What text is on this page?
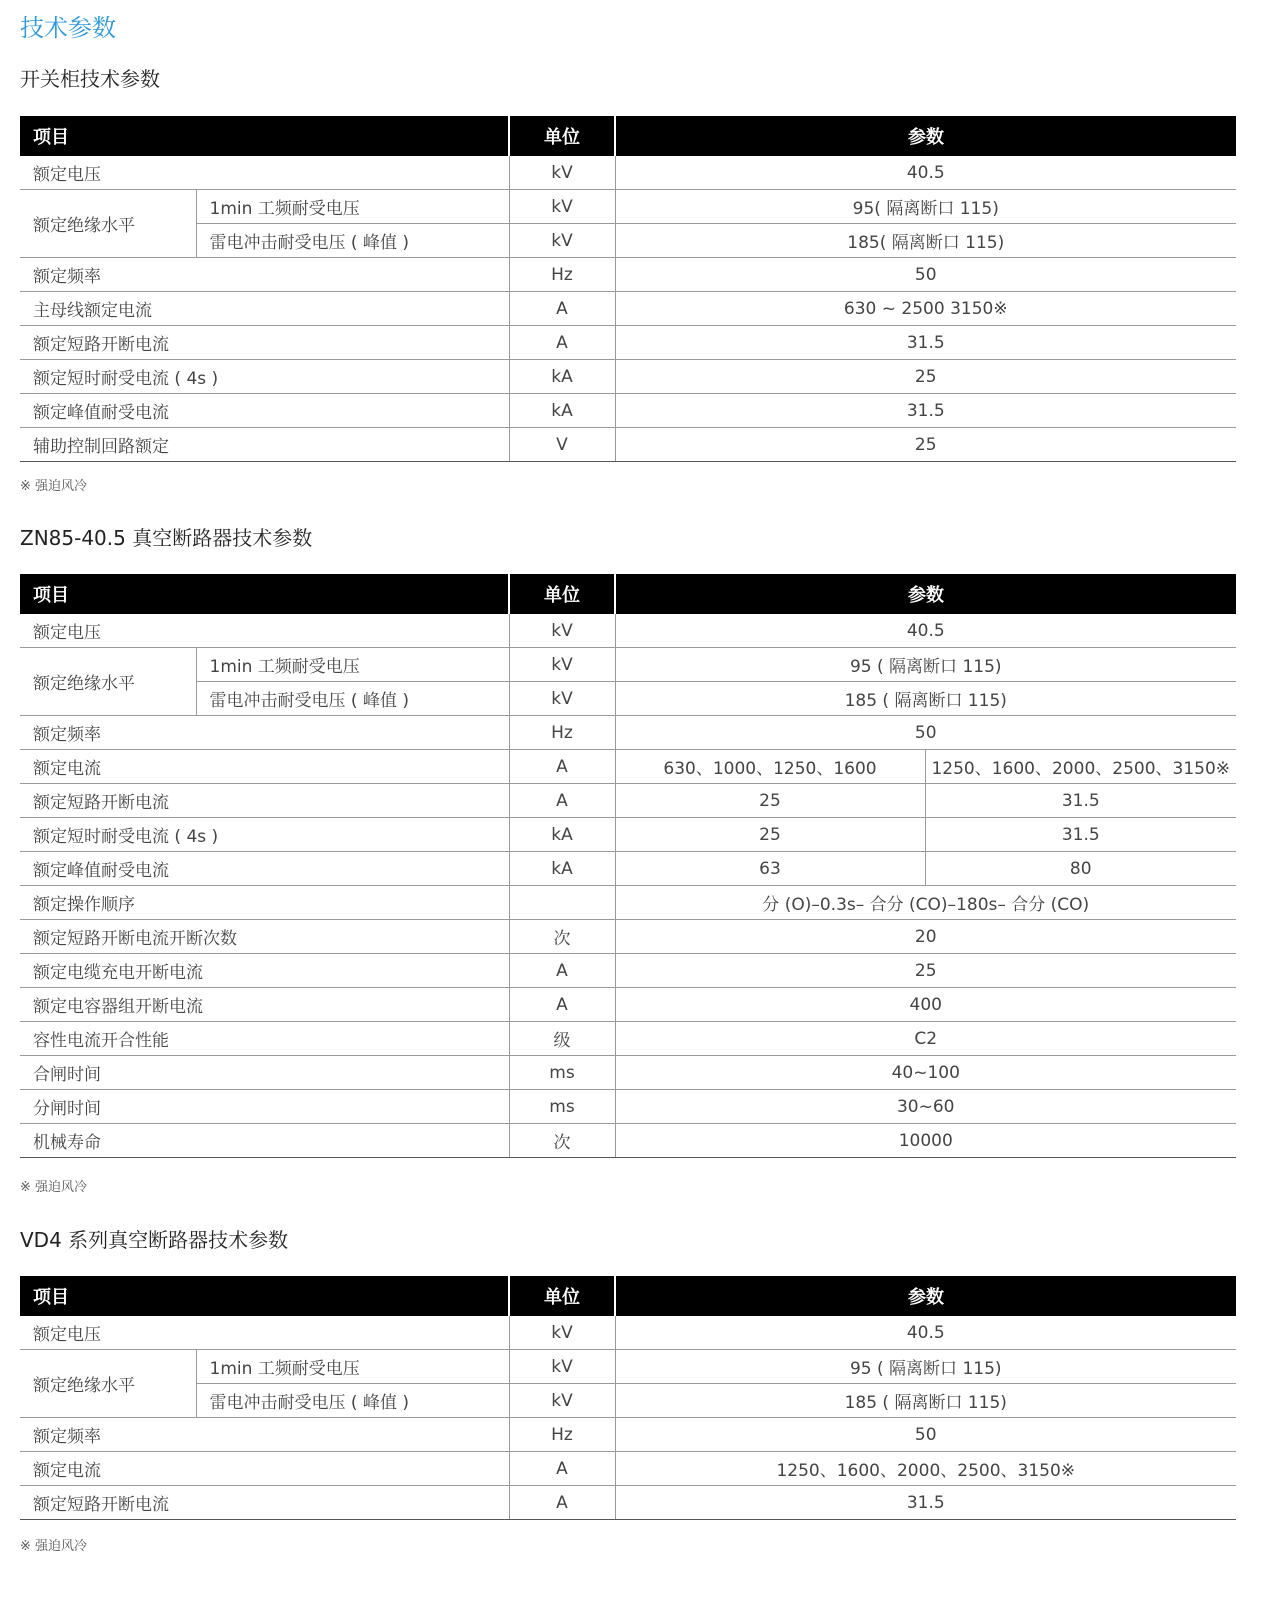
技术参数
开关柜技术参数
项目		单位	参数
额定电压		kV	40.5
额定绝缘水平	1min 工频耐受电压	kV	95( 隔离断口 115)
	雷电冲击耐受电压 ( 峰值 )	kV	185( 隔离断口 115)
额定频率		Hz	50
主母线额定电流		A	630 ~ 2500 3150※
额定短路开断电流		A	31.5
额定短时耐受电流 ( 4s )		kA	25
额定峰值耐受电流		kA	31.5
辅助控制回路额定		V	25
※ 强迫风冷
ZN85-40.5 真空断路器技术参数
项目		单位	参数	
额定电压		kV	40.5	
额定绝缘水平	1min 工频耐受电压	kV	95 ( 隔离断口 115)	
	雷电冲击耐受电压 ( 峰值 )	kV	185 ( 隔离断口 115)	
额定频率		Hz	50	
额定电流		A	630、1000、1250、1600	1250、1600、2000、2500、3150※
额定短路开断电流		A	25	31.5
额定短时耐受电流 ( 4s )		kA	25	31.5
额定峰值耐受电流		kA	63	80
额定操作顺序			分 (O)–0.3s– 合分 (CO)–180s– 合分 (CO)	
额定短路开断电流开断次数		次	20	
额定电缆充电开断电流		A	25	
额定电容器组开断电流		A	400	
容性电流开合性能		级	C2	
合闸时间		ms	40~100	
分闸时间		ms	30~60	
机械寿命		次	10000	
※ 强迫风冷
VD4 系列真空断路器技术参数
项目		单位	参数
额定电压		kV	40.5
额定绝缘水平	1min 工频耐受电压	kV	95 ( 隔离断口 115)
	雷电冲击耐受电压 ( 峰值 )	kV	185 ( 隔离断口 115)
额定频率		Hz	50
额定电流		A	1250、1600、2000、2500、3150※
额定短路开断电流		A	31.5
※ 强迫风冷
